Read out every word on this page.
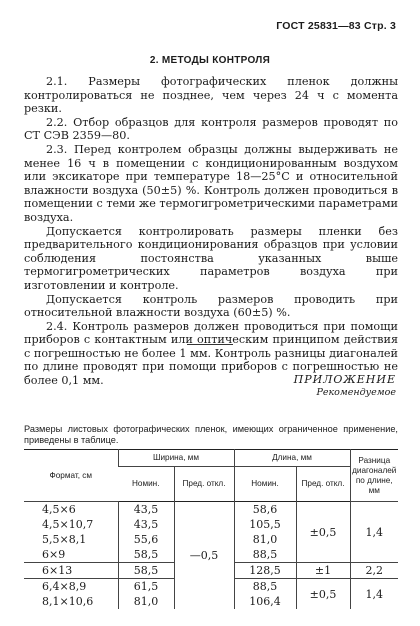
ГОСТ 25831—83 Стр. 3
2. МЕТОДЫ КОНТРОЛЯ

2.1. Размеры фотографических пленок должны контролироваться не позднее, чем через 24 ч с момента резки.

2.2. Отбор образцов для контроля размеров проводят по СТ СЭВ 2359—80.

2.3. Перед контролем образцы должны выдерживать не менее 16 ч в помещении с кондиционированным воздухом или эксикаторе при температуре 18—25°C и относительной влажности воздуха (50±5) %. Контроль должен проводиться в помещении с теми же термогигрометрическими параметрами воздуха.

Допускается контролировать размеры пленки без предварительного кондиционирования образцов при условии соблюдения постоянства указанных выше термогигрометрических параметров воздуха при изготовлении и контроле.

Допускается контроль размеров проводить при относительной влажности воздуха (60±5) %.

2.4. Контроль размеров должен проводиться при помощи приборов с контактным или оптическим принципом действия с погрешностью не более 1 мм. Контроль разницы диагоналей по длине проводят при помощи приборов с погрешностью не более 0,1 мм.	ПРИЛОЖЕНИЕ
Рекомендуемое
Размеры листовых фотографических пленок, имеющих ограниченное применение, приведены в таблице.
Формат, см	Ширина, мм		Длина, мм		Разница диагоналей по длине, мм
	Номин.	Пред. откл.	Номин.	Пред. откл.	
4,5×6	43,5	—0,5	58,6	±0,5	1,4
4,5×10,7	43,5		105,5		
5,5×8,1	55,6		81,0		
6×9	58,5		88,5		
6×13	58,5		128,5	±1	2,2
6,4×8,9	61,5		88,5	±0,5	1,4
8,1×10,6	81,0		106,4		
